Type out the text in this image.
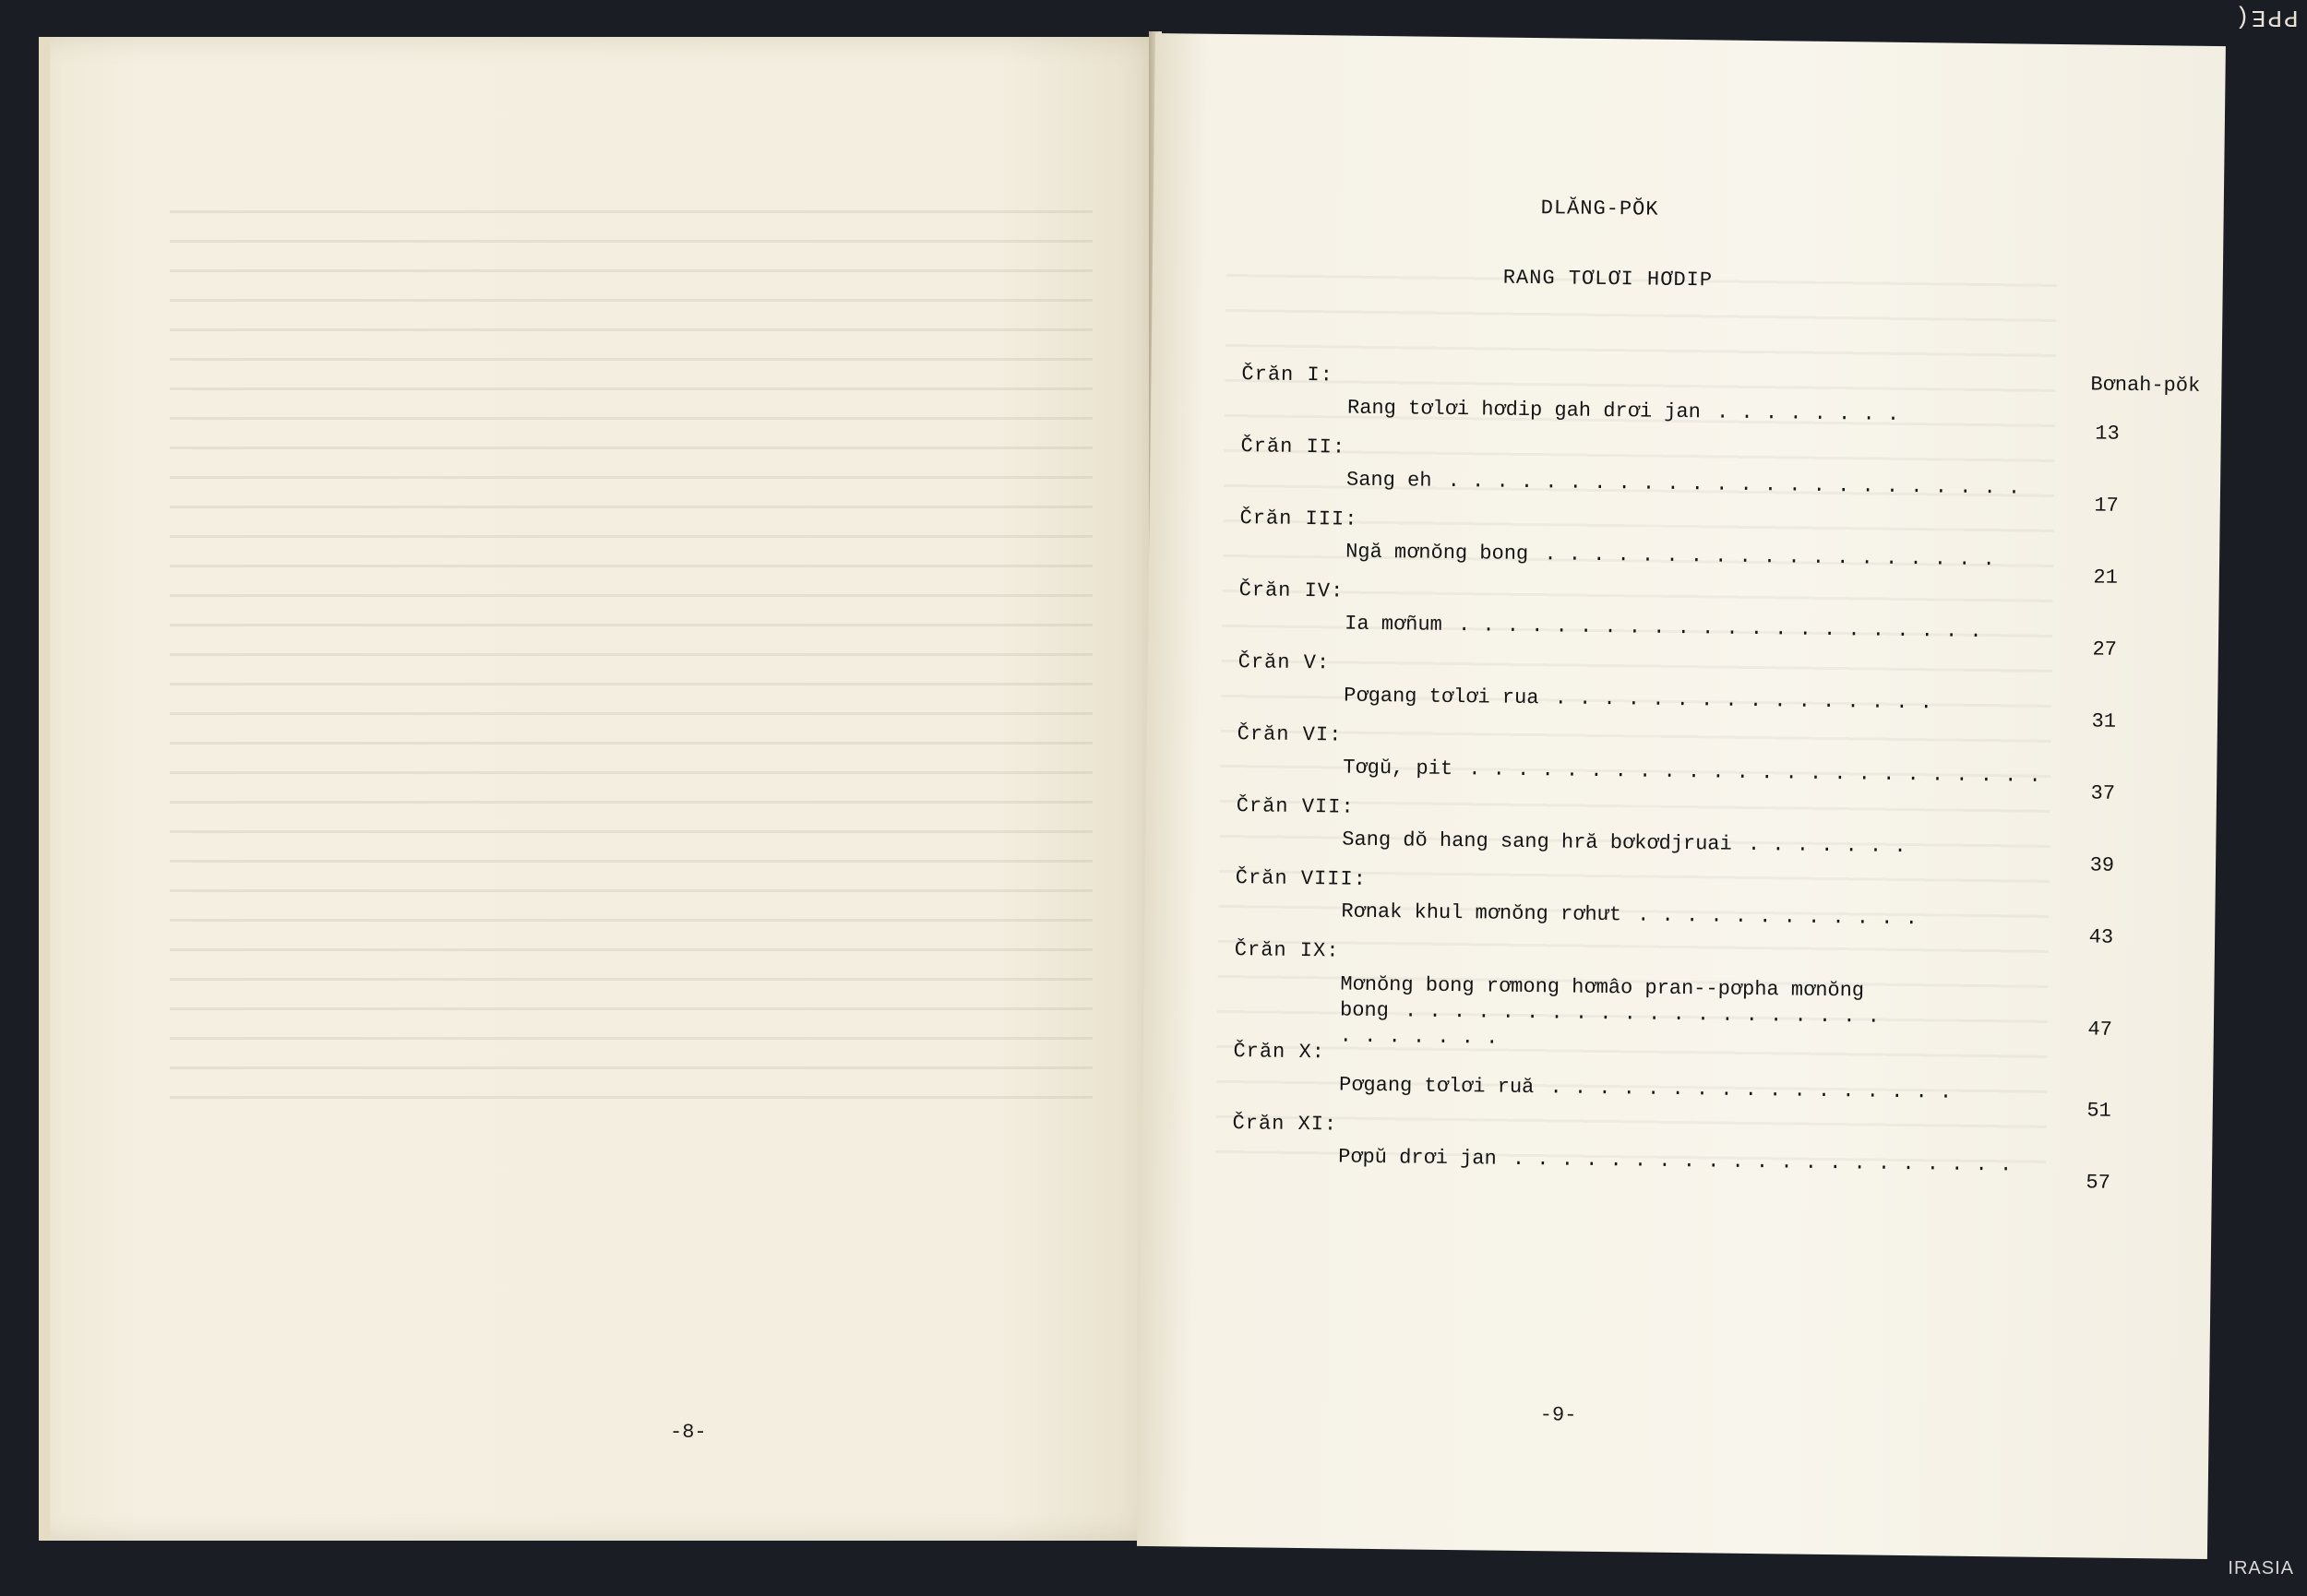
PPE(
-8-
DLĂNG-PŎK
RANG TƠLƠI HƠDIP
Bơnah-pŏk
Črăn I:
Rang tơlơi hơdip gah drơi jan . . . . . . . .
13
Črăn II:
Sang eh . . . . . . . . . . . . . . . . . . . . . . . .
17
Črăn III:
Ngă mơnŏng bong . . . . . . . . . . . . . . . . . . .
21
Črăn IV:
Ia mơñum . . . . . . . . . . . . . . . . . . . . . .
27
Črăn V:
Pơgang tơlơi rua . . . . . . . . . . . . . . . .
31
Črăn VI:
Tơgŭ, pit . . . . . . . . . . . . . . . . . . . . . . . .
37
Črăn VII:
Sang dŏ hang sang hră bơkơdjruai . . . . . . .
39
Črăn VIII:
Rơnak khul mơnŏng rơhưt . . . . . . . . . . . .
43
Črăn IX:
Mơnŏng bong rơmong hơmâo pran--pơpha mơnŏng bong . . . . . . . . . . . . . . . . . . . . . . . . . . .	47
Črăn X:
Pơgang tơlơi ruă . . . . . . . . . . . . . . . . .
51
Črăn XI:
Pơpŭ drơi jan . . . . . . . . . . . . . . . . . . . . .
57
-9-
IRASIA
